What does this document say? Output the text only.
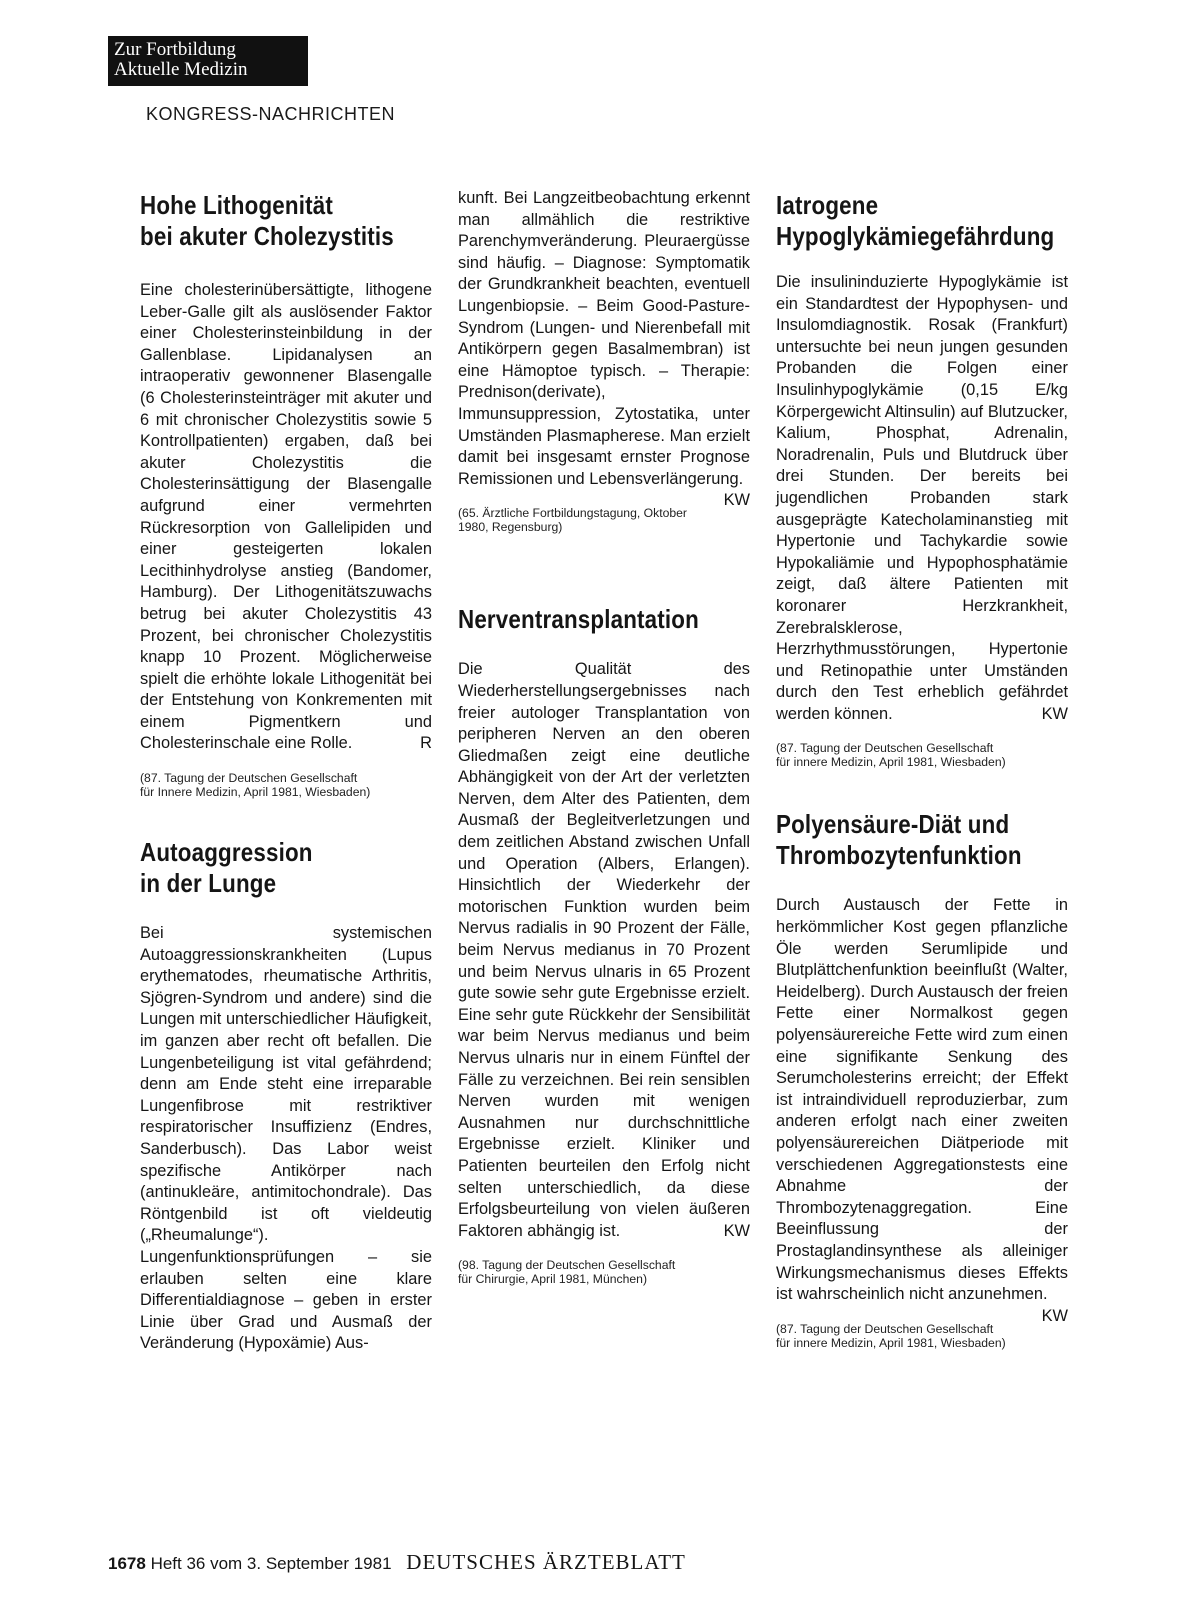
Zur Fortbildung
Aktuelle Medizin
KONGRESS-NACHRICHTEN
Hohe Lithogenität
bei akuter Cholezystitis

Eine cholesterinübersättigte, lithogene Leber-Galle gilt als auslösender Faktor einer Cholesterinsteinbildung in der Gallenblase. Lipidanalysen an intraoperativ gewonnener Blasengalle (6 Cholesterinsteinträger mit akuter und 6 mit chronischer Cholezystitis sowie 5 Kontrollpatienten) ergaben, daß bei akuter Cholezystitis die Cholesterinsättigung der Blasengalle aufgrund einer vermehrten Rückresorption von Gallelipiden und einer gesteigerten lokalen Lecithinhydrolyse anstieg (Bandomer, Hamburg). Der Lithogenitätszuwachs betrug bei akuter Cholezystitis 43 Prozent, bei chronischer Cholezystitis knapp 10 Prozent. Möglicherweise spielt die erhöhte lokale Lithogenität bei der Entstehung von Konkrementen mit einem Pigmentkern und Cholesterinschale eine Rolle.	R

(87. Tagung der Deutschen Gesellschaft
für Innere Medizin, April 1981, Wiesbaden)

Autoaggression
in der Lunge

Bei systemischen Autoaggressionskrankheiten (Lupus erythematodes, rheumatische Arthritis, Sjögren-Syndrom und andere) sind die Lungen mit unterschiedlicher Häufigkeit, im ganzen aber recht oft befallen. Die Lungenbeteiligung ist vital gefährdend; denn am Ende steht eine irreparable Lungenfibrose mit restriktiver respiratorischer Insuffizienz (Endres, Sanderbusch). Das Labor weist spezifische Antikörper nach (antinukleäre, antimitochondrale). Das Röntgenbild ist oft vieldeutig („Rheumalunge“). Lungenfunktionsprüfungen – sie erlauben selten eine klare Differentialdiagnose – geben in erster Linie über Grad und Ausmaß der Veränderung (Hypoxämie) Aus-

kunft. Bei Langzeitbeobachtung erkennt man allmählich die restriktive Parenchymveränderung. Pleuraergüsse sind häufig. – Diagnose: Symptomatik der Grundkrankheit beachten, eventuell Lungenbiopsie. – Beim Good-Pasture-Syndrom (Lungen- und Nierenbefall mit Antikörpern gegen Basalmembran) ist eine Hämoptoe typisch. – Therapie: Prednison(derivate), Immunsuppression, Zytostatika, unter Umständen Plasmapherese. Man erzielt damit bei insgesamt ernster Prognose Remissionen und Lebensverlängerung.
KW

(65. Ärztliche Fortbildungstagung, Oktober 1980, Regensburg)

Nerventransplantation

Die Qualität des Wiederherstellungsergebnisses nach freier autologer Transplantation von peripheren Nerven an den oberen Gliedmaßen zeigt eine deutliche Abhängigkeit von der Art der verletzten Nerven, dem Alter des Patienten, dem Ausmaß der Begleitverletzungen und dem zeitlichen Abstand zwischen Unfall und Operation (Albers, Erlangen). Hinsichtlich der Wiederkehr der motorischen Funktion wurden beim Nervus radialis in 90 Prozent der Fälle, beim Nervus medianus in 70 Prozent und beim Nervus ulnaris in 65 Prozent gute sowie sehr gute Ergebnisse erzielt. Eine sehr gute Rückkehr der Sensibilität war beim Nervus medianus und beim Nervus ulnaris nur in einem Fünftel der Fälle zu verzeichnen. Bei rein sensiblen Nerven wurden mit wenigen Ausnahmen nur durchschnittliche Ergebnisse erzielt. Kliniker und Patienten beurteilen den Erfolg nicht selten unterschiedlich, da diese Erfolgsbeurteilung von vielen äußeren Faktoren abhängig ist.	KW

(98. Tagung der Deutschen Gesellschaft
für Chirurgie, April 1981, München)

Iatrogene
Hypoglykämiegefährdung

Die insulininduzierte Hypoglykämie ist ein Standardtest der Hypophysen- und Insulomdiagnostik. Rosak (Frankfurt) untersuchte bei neun jungen gesunden Probanden die Folgen einer Insulinhypoglykämie (0,15 E/kg Körpergewicht Altinsulin) auf Blutzucker, Kalium, Phosphat, Adrenalin, Noradrenalin, Puls und Blutdruck über drei Stunden. Der bereits bei jugendlichen Probanden stark ausgeprägte Katecholaminanstieg mit Hypertonie und Tachykardie sowie Hypokaliämie und Hypophosphatämie zeigt, daß ältere Patienten mit koronarer Herzkrankheit, Zerebralsklerose, Herzrhythmusstörungen, Hypertonie und Retinopathie unter Umständen durch den Test erheblich gefährdet werden können.	KW

(87. Tagung der Deutschen Gesellschaft
für innere Medizin, April 1981, Wiesbaden)

Polyensäure-Diät und
Thrombozytenfunktion

Durch Austausch der Fette in herkömmlicher Kost gegen pflanzliche Öle werden Serumlipide und Blutplättchenfunktion beeinflußt (Walter, Heidelberg). Durch Austausch der freien Fette einer Normalkost gegen polyensäurereiche Fette wird zum einen eine signifikante Senkung des Serumcholesterins erreicht; der Effekt ist intraindividuell reproduzierbar, zum anderen erfolgt nach einer zweiten polyensäurereichen Diätperiode mit verschiedenen Aggregationstests eine Abnahme der Thrombozytenaggregation. Eine Beeinflussung der Prostaglandinsynthese als alleiniger Wirkungsmechanismus dieses Effekts ist wahrscheinlich nicht anzunehmen.
KW

(87. Tagung der Deutschen Gesellschaft
für innere Medizin, April 1981, Wiesbaden)

1678 Heft 36 vom 3. September 1981 DEUTSCHES ÄRZTEBLATT
